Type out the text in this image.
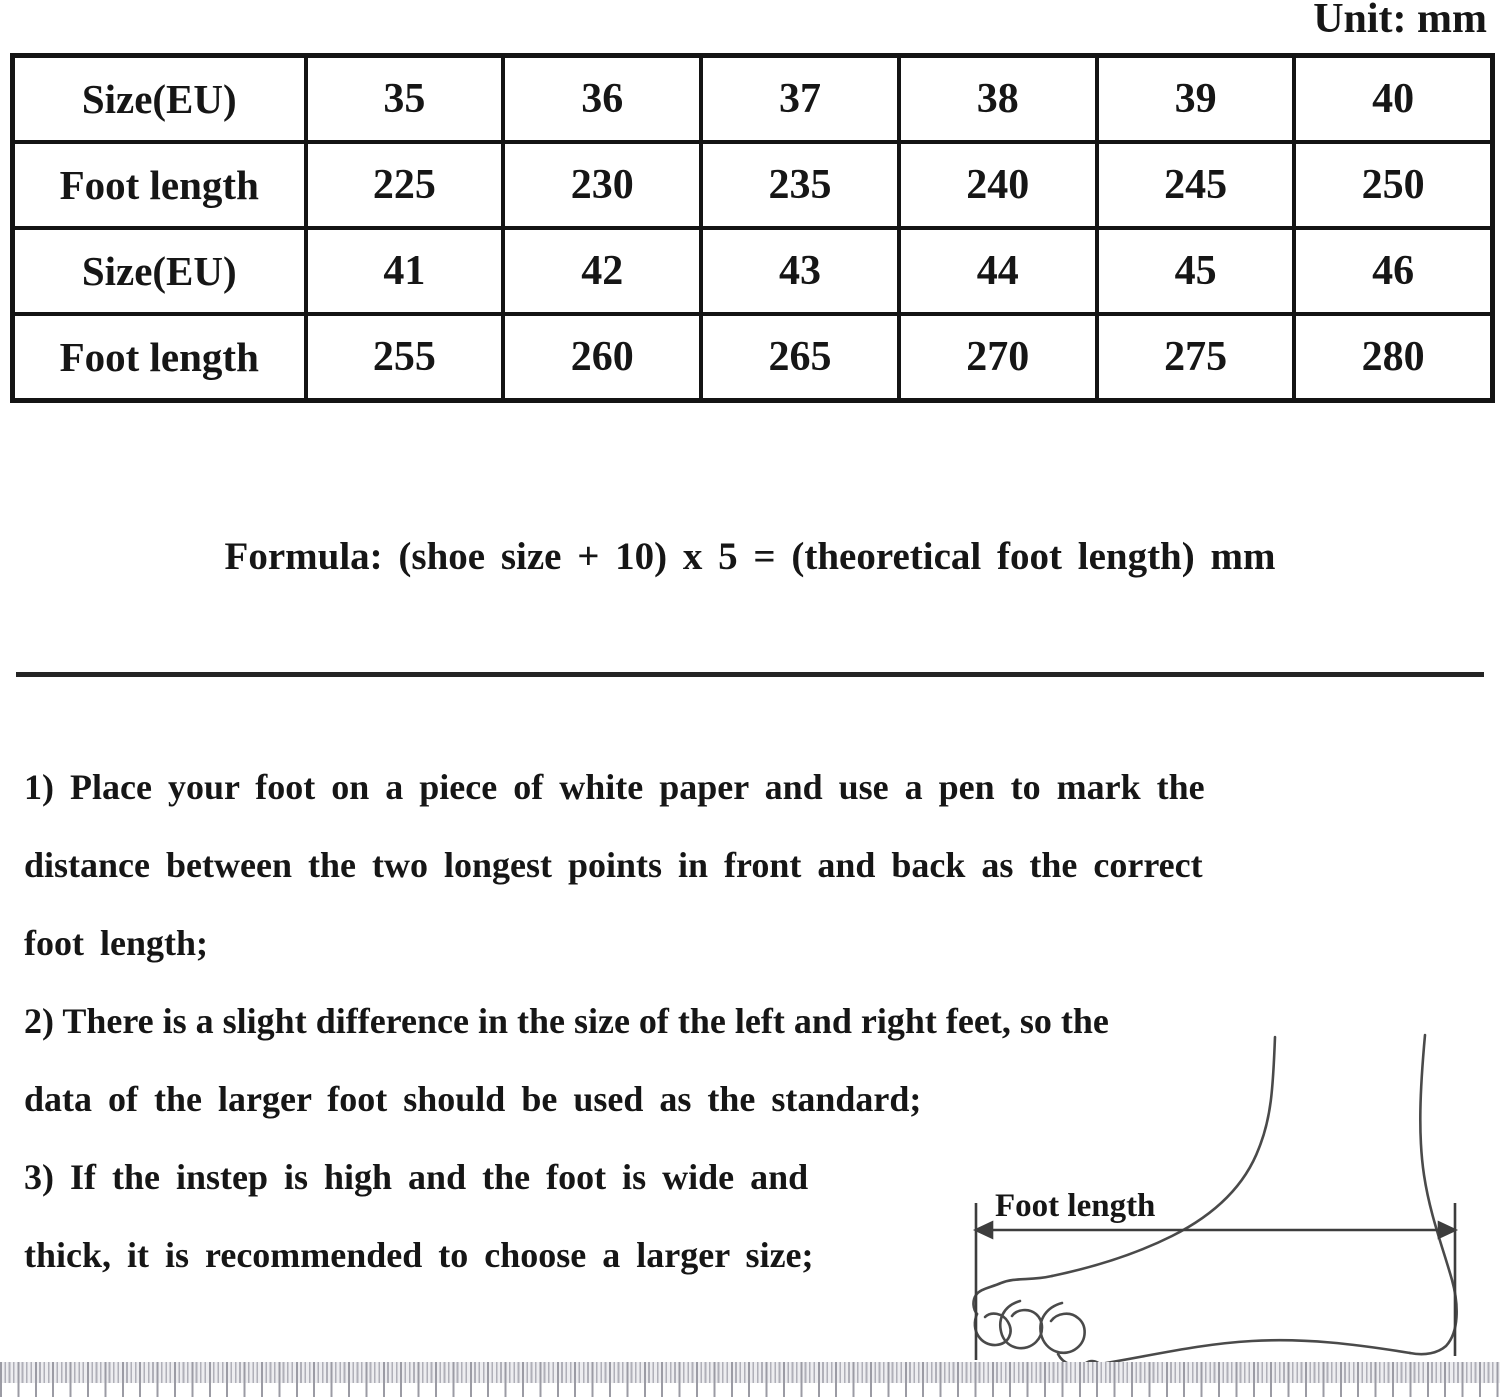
Unit: mm
Size(EU)	35	36	37	38	39	40
Foot length	225	230	235	240	245	250
Size(EU)	41	42	43	44	45	46
Foot length	255	260	265	270	275	280
Formula: (shoe size + 10) x 5 = (theoretical foot length) mm
1) Place your foot on a piece of white paper and use a pen to mark the
distance between the two longest points in front and back as the correct
foot length;
2) There is a slight difference in the size of the left and right feet, so the
data of the larger foot should be used as the standard;
3) If the instep is high and the foot is wide and
thick, it is recommended to choose a larger size;
Foot length
